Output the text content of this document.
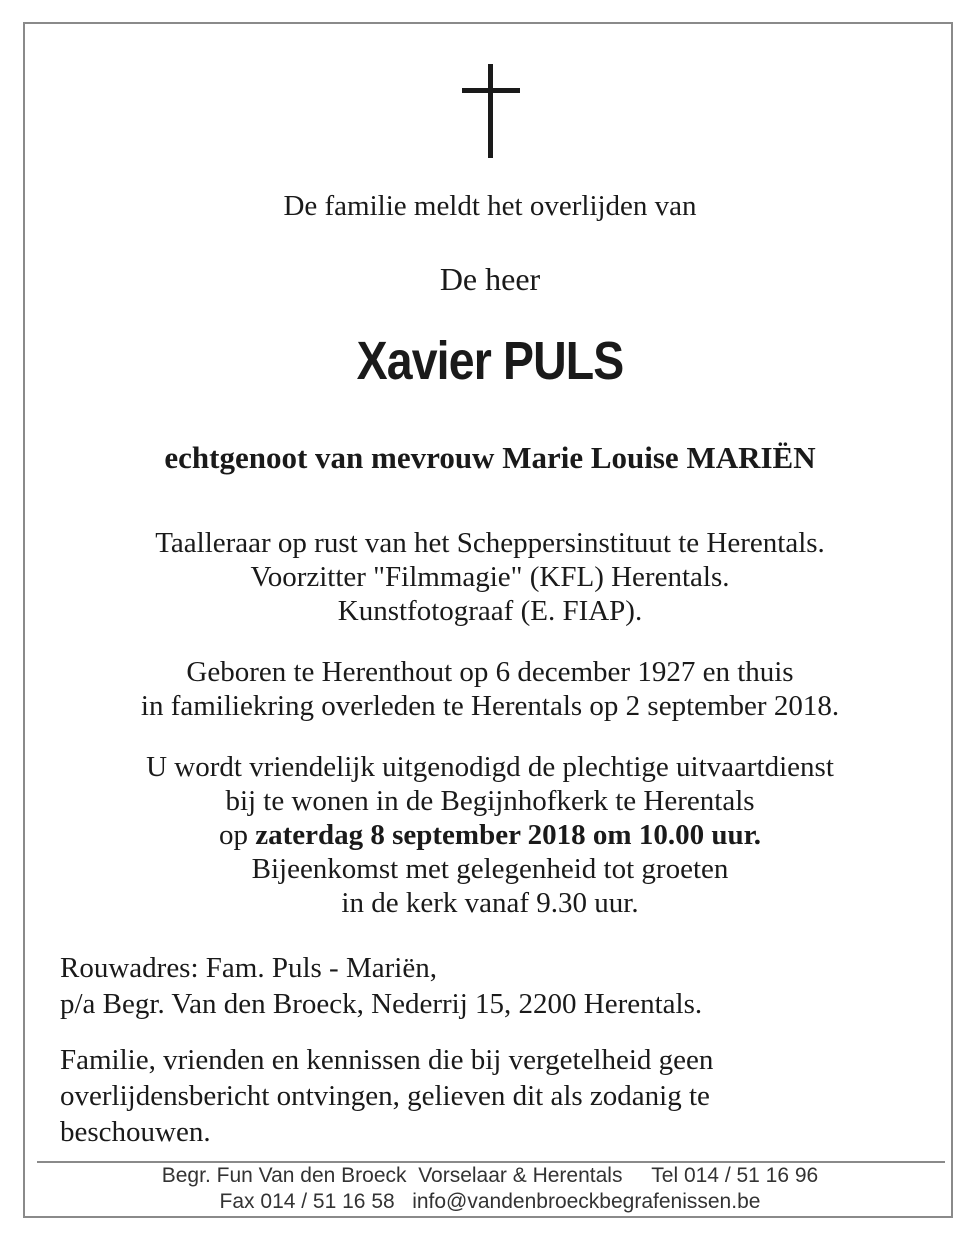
De familie meldt het overlijden van
De heer
Xavier PULS
echtgenoot van mevrouw Marie Louise MARIËN
Taalleraar op rust van het Scheppersinstituut te Herentals.
Voorzitter "Filmmagie" (KFL) Herentals.
Kunstfotograaf (E. FIAP).
Geboren te Herenthout op 6 december 1927 en thuis
in familiekring overleden te Herentals op 2 september 2018.
U wordt vriendelijk uitgenodigd de plechtige uitvaartdienst
bij te wonen in de Begijnhofkerk te Herentals
op zaterdag 8 september 2018 om 10.00 uur.
Bijeenkomst met gelegenheid tot groeten
in de kerk vanaf 9.30 uur.
Rouwadres: Fam. Puls - Mariën,
p/a Begr. Van den Broeck, Nederrij 15, 2200 Herentals.
Familie, vrienden en kennissen die bij vergetelheid geen
overlijdensbericht ontvingen, gelieven dit als zodanig te
beschouwen.
Begr. Fun Van den Broeck Vorselaar & Herentals Tel 014 / 51 16 96
Fax 014 / 51 16 58 info@vandenbroeckbegrafenissen.be
